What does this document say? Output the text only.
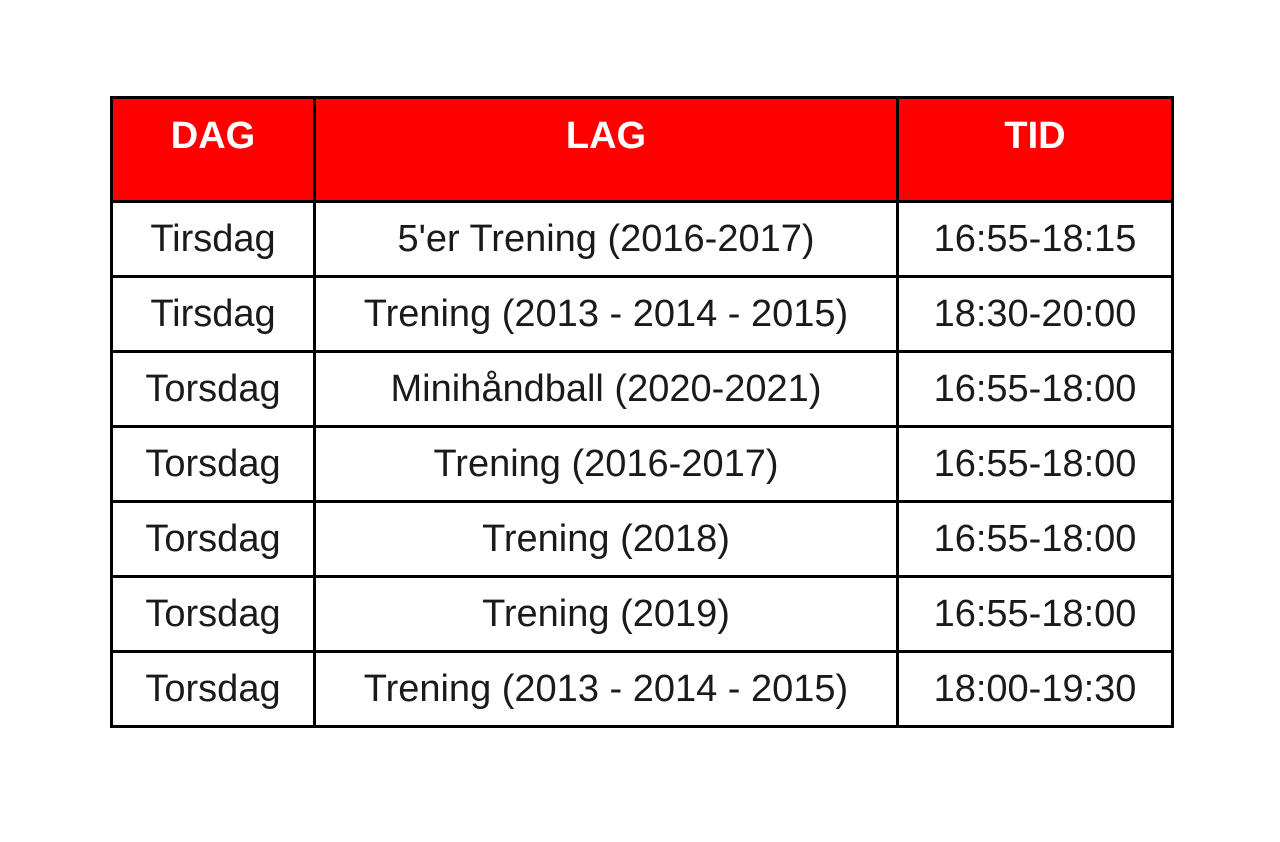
DAG	LAG	TID
Tirsdag	5'er Trening (2016-2017)	16:55-18:15
Tirsdag	Trening (2013 - 2014 - 2015)	18:30-20:00
Torsdag	Minihåndball (2020-2021)	16:55-18:00
Torsdag	Trening (2016-2017)	16:55-18:00
Torsdag	Trening (2018)	16:55-18:00
Torsdag	Trening (2019)	16:55-18:00
Torsdag	Trening (2013 - 2014 - 2015)	18:00-19:30
